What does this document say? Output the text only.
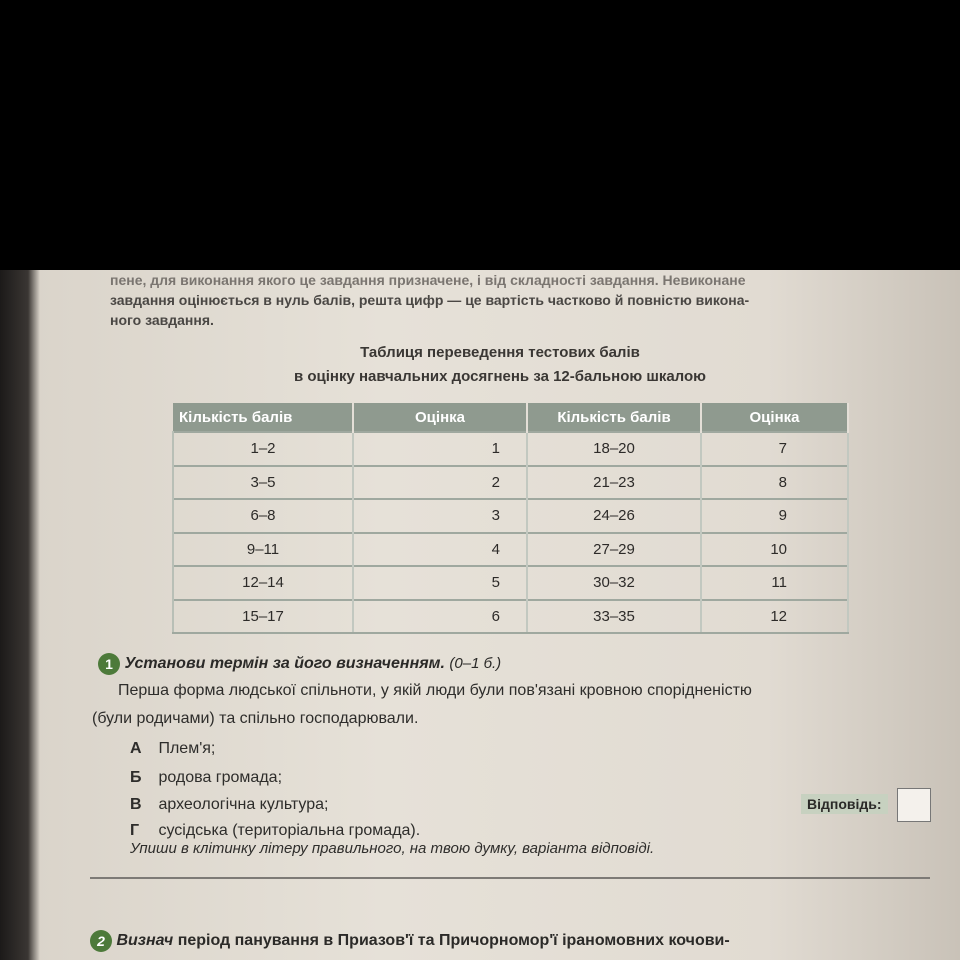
пене, для виконання якого це завдання призначене, і від складності завдання. Невиконане
завдання оцінюється в нуль балів, решта цифр — це вартість частково й повністю викона-
ного завдання.
Таблиця переведення тестових балів
в оцінку навчальних досягнень за 12-бальною шкалою
Кількість балів	Оцінка	Кількість балів	Оцінка
1–2	1	18–20	7
3–5	2	21–23	8
6–8	3	24–26	9
9–11	4	27–29	10
12–14	5	30–32	11
15–17	6	33–35	12
1 Установи термін за його визначенням. (0–1 б.)
Перша форма людської спільноти, у якій люди були пов'язані кровною спорідненістю
(були родичами) та спільно господарювали.
А Плем'я;
Б родова громада;
В археологічна культура;
Г сусідська (територіальна громада).
Відповідь:
Упиши в клітинку літеру правильного, на твою думку, варіанта відповіді.
2 Визнач період панування в Приазов'ї та Причорномор'ї іраномовних кочови-
